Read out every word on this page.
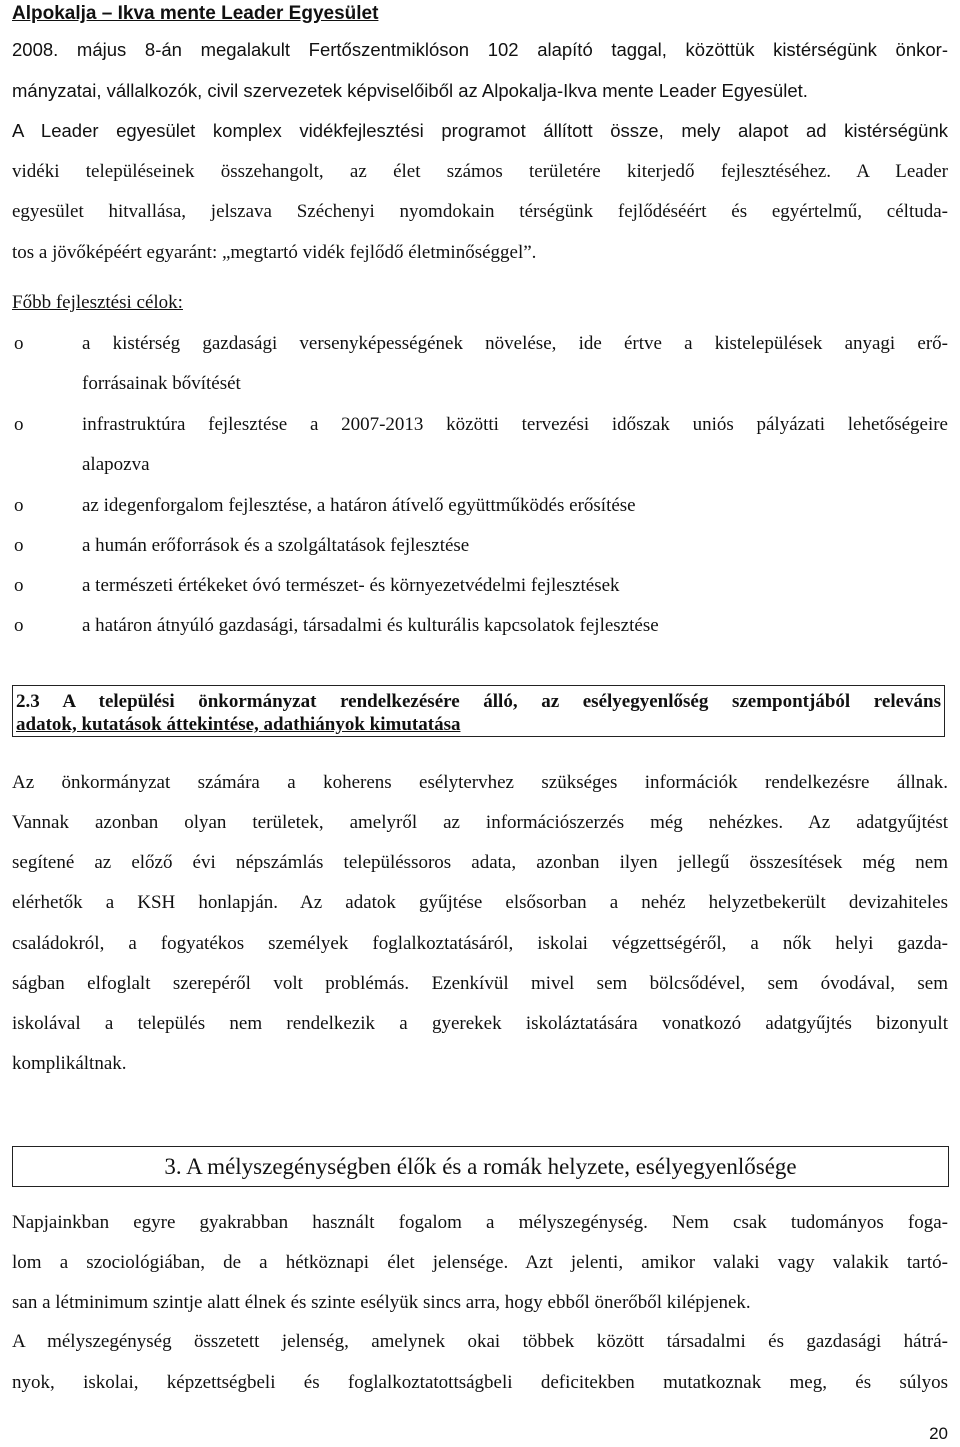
Alpokalja – Ikva mente Leader Egyesület
2008. május 8-án megalakult Fertőszentmiklóson 102 alapító taggal, közöttük kistérségünk önkor-
mányzatai, vállalkozók, civil szervezetek képviselőiből az Alpokalja-Ikva mente Leader Egyesület.
A Leader egyesület komplex vidékfejlesztési programot állított össze, mely alapot ad kistérségünk
vidéki településeinek összehangolt, az élet számos területére kiterjedő fejlesztéséhez. A Leader
egyesület hitvallása, jelszava Széchenyi nyomdokain térségünk fejlődéséért és egyértelmű, céltuda-
tos a jövőképéért egyaránt: „megtartó vidék fejlődő életminőséggel”.
Főbb fejlesztési célok:
o	a kistérség gazdasági versenyképességének növelése, ide értve a kistelepülések anyagi erő-
forrásainak bővítését
o	infrastruktúra fejlesztése a 2007-2013 közötti tervezési időszak uniós pályázati lehetőségeire
alapozva
o	az idegenforgalom fejlesztése, a határon átívelő együttműködés erősítése
o	a humán erőforrások és a szolgáltatások fejlesztése
o	a természeti értékeket óvó természet- és környezetvédelmi fejlesztések
o	a határon átnyúló gazdasági, társadalmi és kulturális kapcsolatok fejlesztése
2.3 A települési önkormányzat rendelkezésére álló, az esélyegyenlőség szempontjából releváns
adatok, kutatások áttekintése, adathiányok kimutatása
Az önkormányzat számára a koherens esélytervhez szükséges információk rendelkezésre állnak.
Vannak azonban olyan területek, amelyről az információszerzés még nehézkes. Az adatgyűjtést
segítené az előző évi népszámlás településsoros adata, azonban ilyen jellegű összesítések még nem
elérhetők a KSH honlapján. Az adatok gyűjtése elsősorban a nehéz helyzetbekerült devizahiteles
családokról, a fogyatékos személyek foglalkoztatásáról, iskolai végzettségéről, a nők helyi gazda-
ságban elfoglalt szerepéről volt problémás. Ezenkívül mivel sem bölcsődével, sem óvodával, sem
iskolával a település nem rendelkezik a gyerekek iskoláztatására vonatkozó adatgyűjtés bizonyult
komplikáltnak.
3. A mélyszegénységben élők és a romák helyzete, esélyegyenlősége
Napjainkban egyre gyakrabban használt fogalom a mélyszegénység. Nem csak tudományos foga-
lom a szociológiában, de a hétköznapi élet jelensége. Azt jelenti, amikor valaki vagy valakik tartó-
san a létminimum szintje alatt élnek és szinte esélyük sincs arra, hogy ebből önerőből kilépjenek.
A mélyszegénység összetett jelenség, amelynek okai többek között társadalmi és gazdasági hátrá-
nyok, iskolai, képzettségbeli és foglalkoztatottságbeli deficitekben mutatkoznak meg, és súlyos
20
